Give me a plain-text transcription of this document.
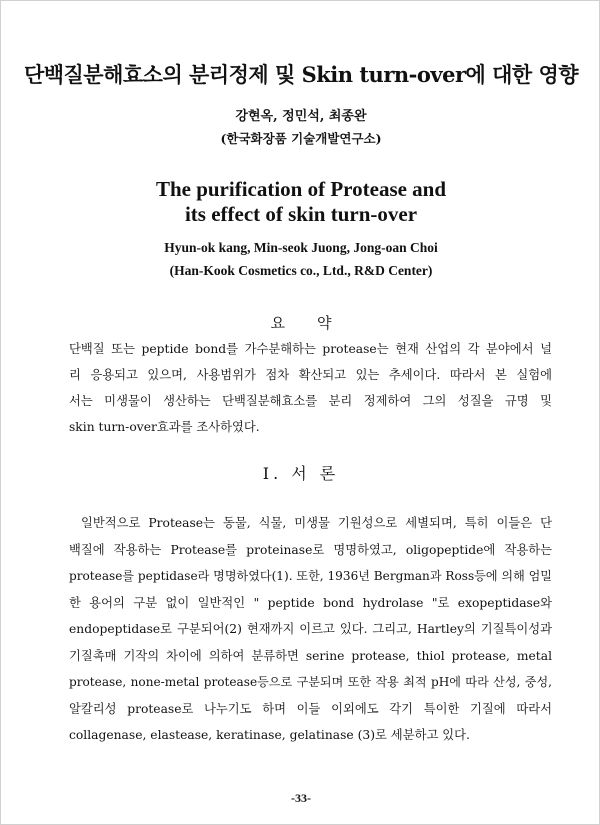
단백질분해효소의 분리정제 및 Skin turn-over에 대한 영향
강현옥, 정민석, 최종완
(한국화장품 기술개발연구소)
The purification of Protease and
its effect of skin turn-over
Hyun-ok kang, Min-seok Juong, Jong-oan Choi
(Han-Kook Cosmetics co., Ltd., R&D Center)
요약
단백질 또는 peptide bond를 가수분해하는 protease는 현재 산업의 각 분야에서 널
리 응용되고 있으며, 사용범위가 점차 확산되고 있는 추세이다. 따라서 본 실험에
서는 미생물이 생산하는 단백질분해효소를 분리 정제하여 그의 성질을 규명 및
skin turn-over효과를 조사하였다.
I. 서 론
일반적으로 Protease는 동물, 식물, 미생물 기원성으로 세별되며, 특히 이들은 단
백질에 작용하는 Protease를 proteinase로 명명하였고, oligopeptide에 작용하는
protease를 peptidase라 명명하였다(1). 또한, 1936년 Bergman과 Ross등에 의해 엄밀
한 용어의 구분 없이 일반적인 " peptide bond hydrolase "로 exopeptidase와
endopeptidase로 구분되어(2) 현재까지 이르고 있다. 그리고, Hartley의 기질특이성과
기질촉매 기작의 차이에 의하여 분류하면 serine protease, thiol protease, metal
protease, none-metal protease등으로 구분되며 또한 작용 최적 pH에 따라 산성, 중성,
알칼리성 protease로 나누기도 하며 이들 이외에도 각기 특이한 기질에 따라서
collagenase, elastease, keratinase, gelatinase (3)로 세분하고 있다.
-33-
